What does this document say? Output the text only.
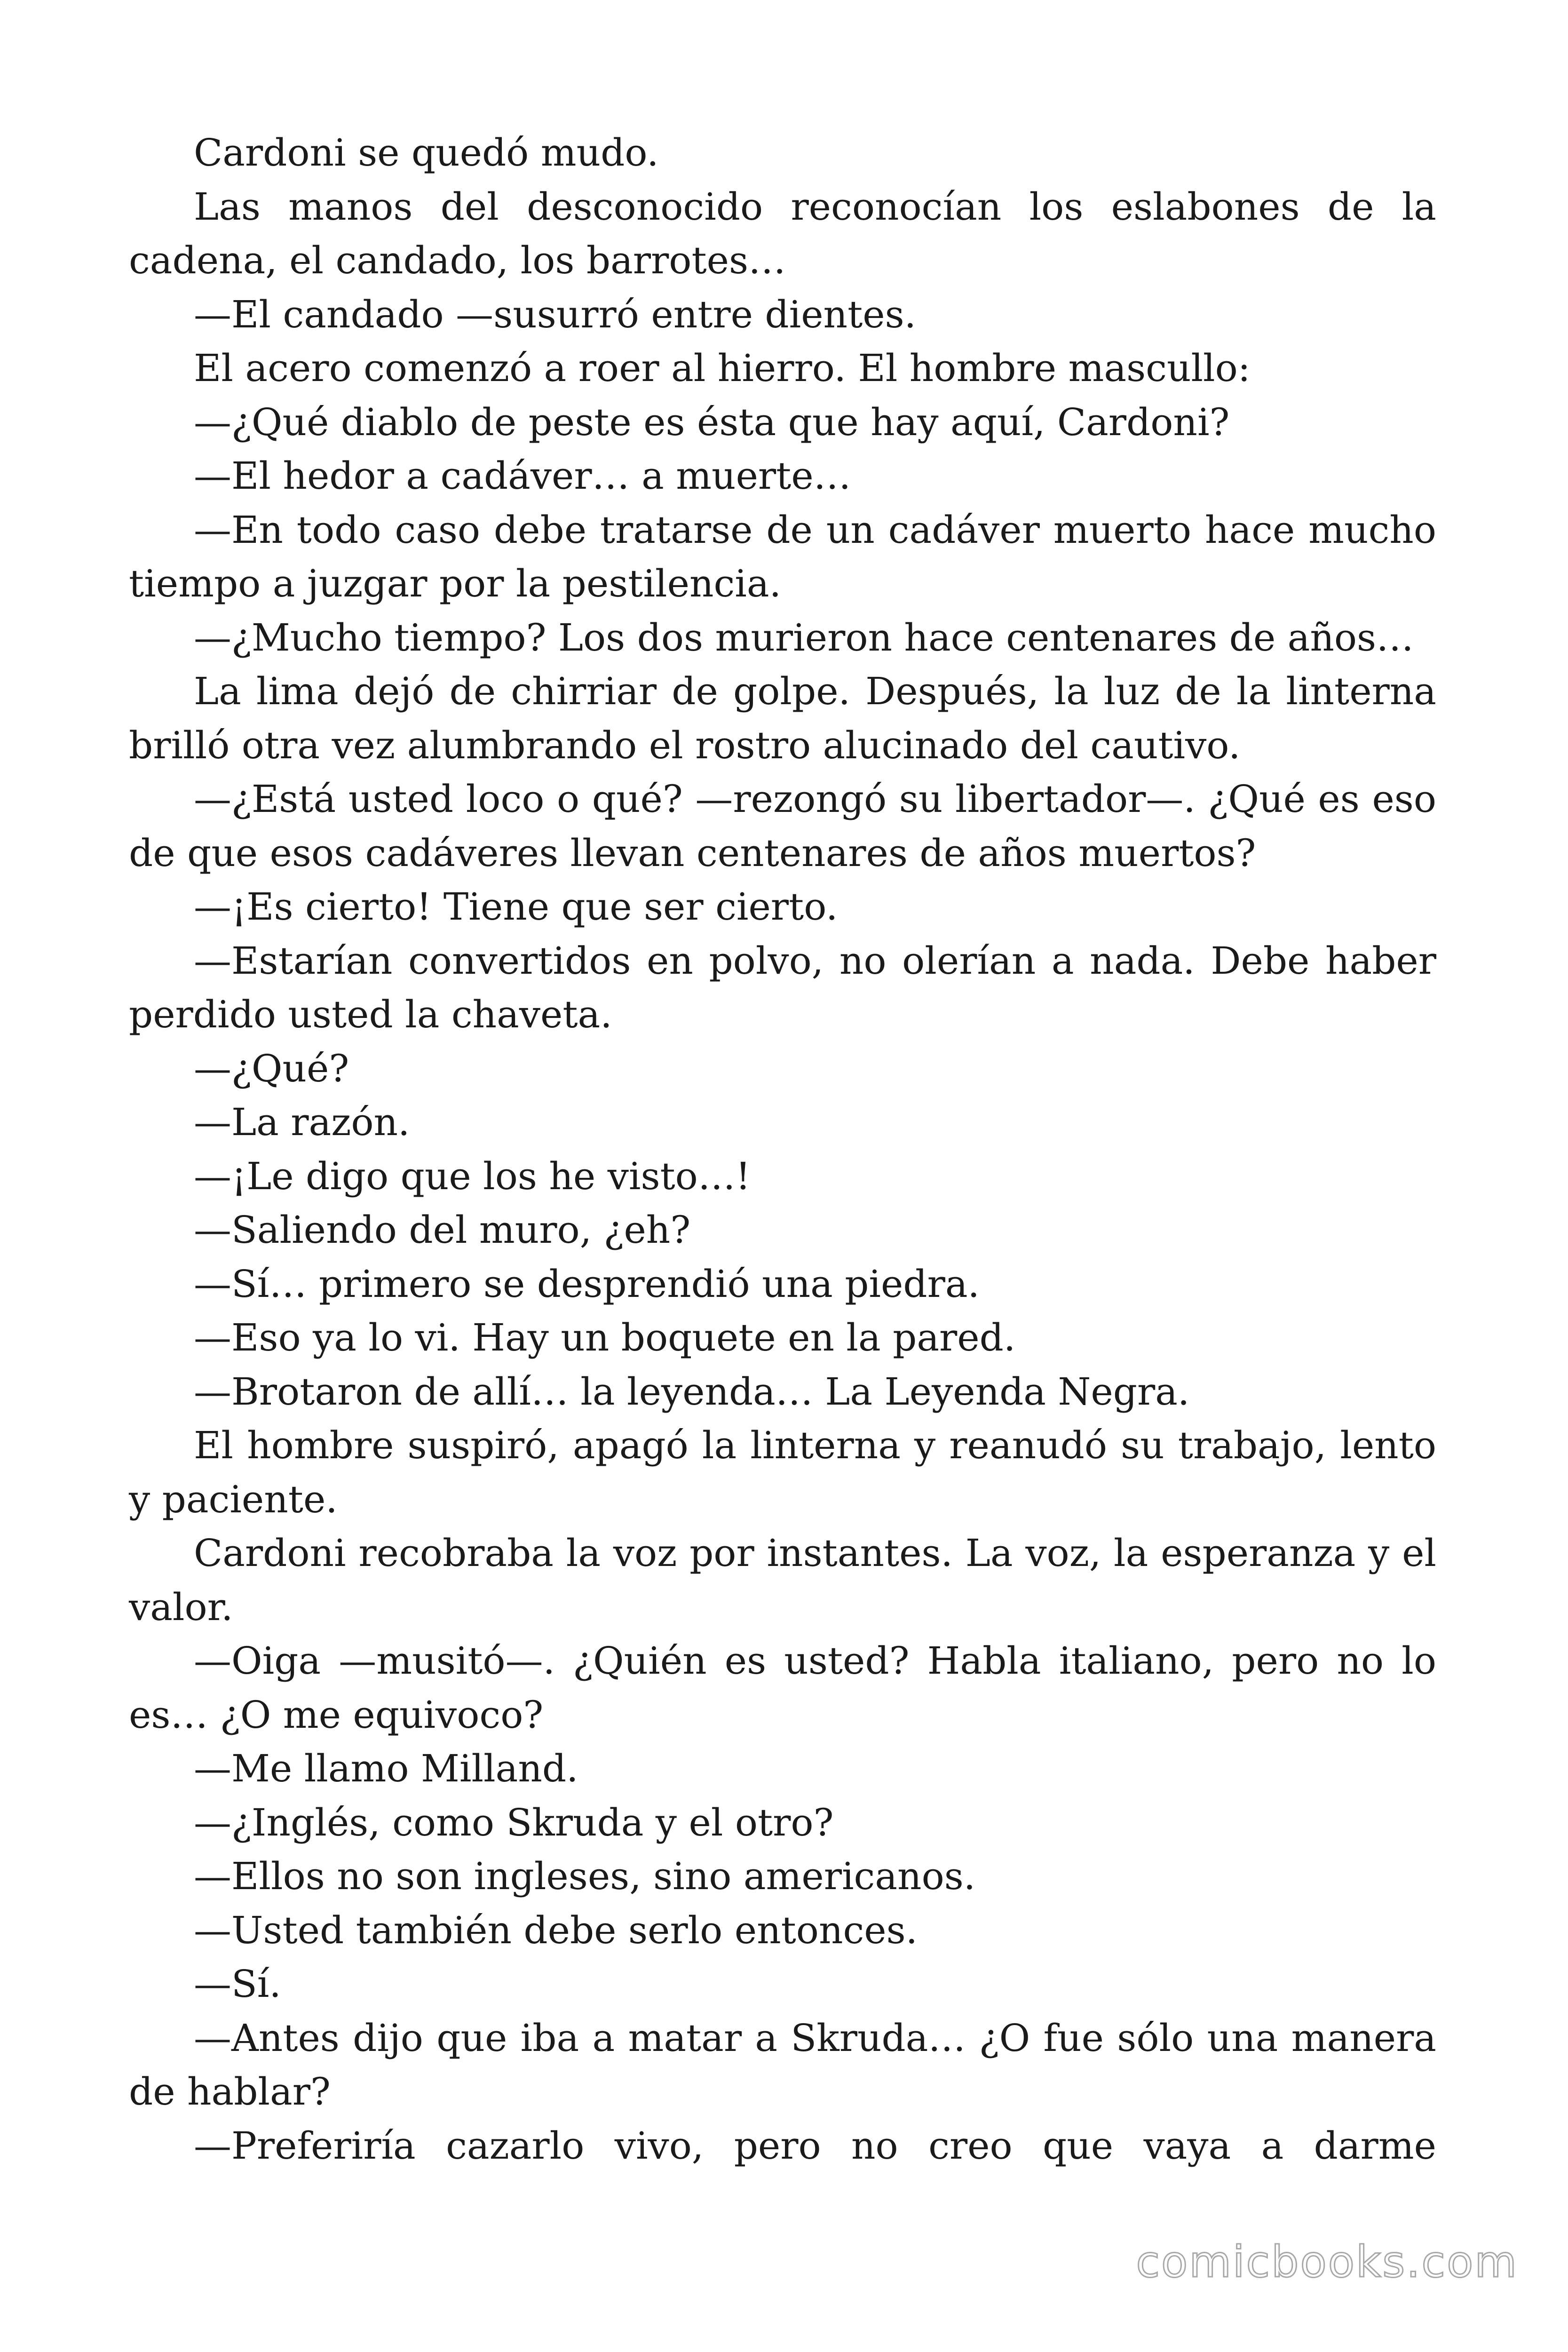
Cardoni se quedó mudo.

Las manos del desconocido reconocían los eslabones de la cadena, el candado, los barrotes…

—El candado —susurró entre dientes.

El acero comenzó a roer al hierro. El hombre mascullo:

—¿Qué diablo de peste es ésta que hay aquí, Cardoni?

—El hedor a cadáver… a muerte…

—En todo caso debe tratarse de un cadáver muerto hace mucho tiempo a juzgar por la pestilencia.

—¿Mucho tiempo? Los dos murieron hace centenares de años…

La lima dejó de chirriar de golpe. Después, la luz de la linterna brilló otra vez alumbrando el rostro alucinado del cautivo.

—¿Está usted loco o qué? —rezongó su libertador—. ¿Qué es eso de que esos cadáveres llevan centenares de años muertos?

—¡Es cierto! Tiene que ser cierto.

—Estarían convertidos en polvo, no olerían a nada. Debe haber perdido usted la chaveta.

—¿Qué?

—La razón.

—¡Le digo que los he visto…!

—Saliendo del muro, ¿eh?

—Sí… primero se desprendió una piedra.

—Eso ya lo vi. Hay un boquete en la pared.

—Brotaron de allí… la leyenda… La Leyenda Negra.

El hombre suspiró, apagó la linterna y reanudó su trabajo, lento y paciente.

Cardoni recobraba la voz por instantes. La voz, la esperanza y el valor.

—Oiga —musitó—. ¿Quién es usted? Habla italiano, pero no lo es… ¿O me equivoco?

—Me llamo Milland.

—¿Inglés, como Skruda y el otro?

—Ellos no son ingleses, sino americanos.

—Usted también debe serlo entonces.

—Sí.

—Antes dijo que iba a matar a Skruda… ¿O fue sólo una manera de hablar?

—Preferiría cazarlo vivo, pero no creo que vaya a darme

comicbooks.com
